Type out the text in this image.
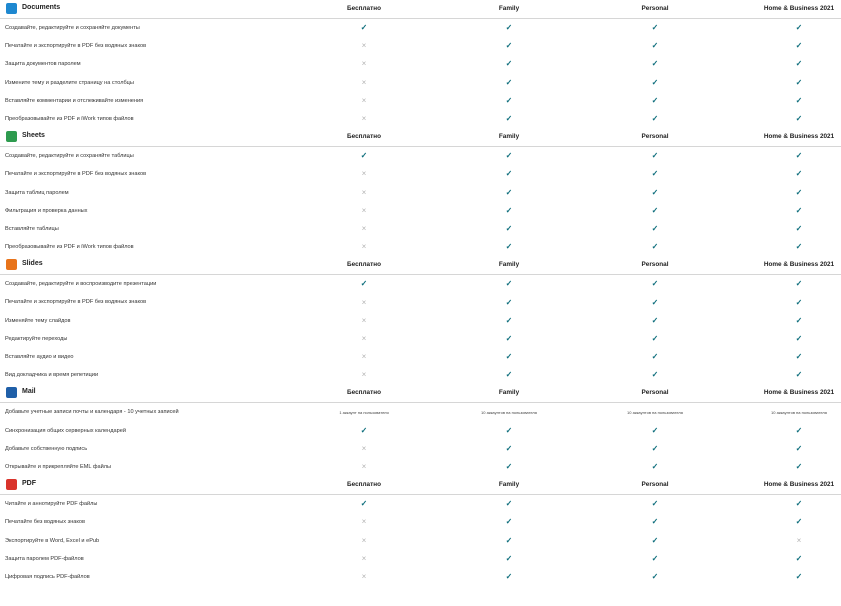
Documents	Бесплатно	Family	Personal	Home & Business 2021
Создавайте, редактируйте и сохраняйте документы	✓	✓	✓	✓
Печатайте и экспортируйте в PDF без водяных знаков	×	✓	✓	✓
Защита документов паролем	×	✓	✓	✓
Измените тему и разделите страницу на столбцы	×	✓	✓	✓
Вставляйте комментарии и отслеживайте изменения	×	✓	✓	✓
Преобразовывайте из PDF и iWork типов файлов	×	✓	✓	✓
Sheets	Бесплатно	Family	Personal	Home & Business 2021
Создавайте, редактируйте и сохраняйте таблицы	✓	✓	✓	✓
Печатайте и экспортируйте в PDF без водяных знаков	×	✓	✓	✓
Защита таблиц паролем	×	✓	✓	✓
Фильтрация и проверка данных	×	✓	✓	✓
Вставляйте таблицы	×	✓	✓	✓
Преобразовывайте из PDF и iWork типов файлов	×	✓	✓	✓
Slides	Бесплатно	Family	Personal	Home & Business 2021
Создавайте, редактируйте и воспроизводите презентации	✓	✓	✓	✓
Печатайте и экспортируйте в PDF без водяных знаков	×	✓	✓	✓
Изменяйте тему слайдов	×	✓	✓	✓
Редактируйте переходы	×	✓	✓	✓
Вставляйте аудио и видео	×	✓	✓	✓
Вид докладчика и время репетиции	×	✓	✓	✓
Mail	Бесплатно	Family	Personal	Home & Business 2021
Добавьте учетные записи почты и календаря - 10 учетных записей	1 аккаунт на пользователя	10 аккаунтов на пользователя	10 аккаунтов на пользователя	10 аккаунтов на пользователя
Синхронизация общих серверных календарей	✓	✓	✓	✓
Добавьте собственную подпись	×	✓	✓	✓
Открывайте и прикрепляйте EML файлы	×	✓	✓	✓
PDF	Бесплатно	Family	Personal	Home & Business 2021
Читайте и аннотируйте PDF файлы	✓	✓	✓	✓
Печатайте без водяных знаков	×	✓	✓	✓
Экспортируйте в Word, Excel и ePub	×	✓	✓	×
Защита паролем PDF-файлов	×	✓	✓	✓
Цифровая подпись PDF-файлов	×	✓	✓	✓
